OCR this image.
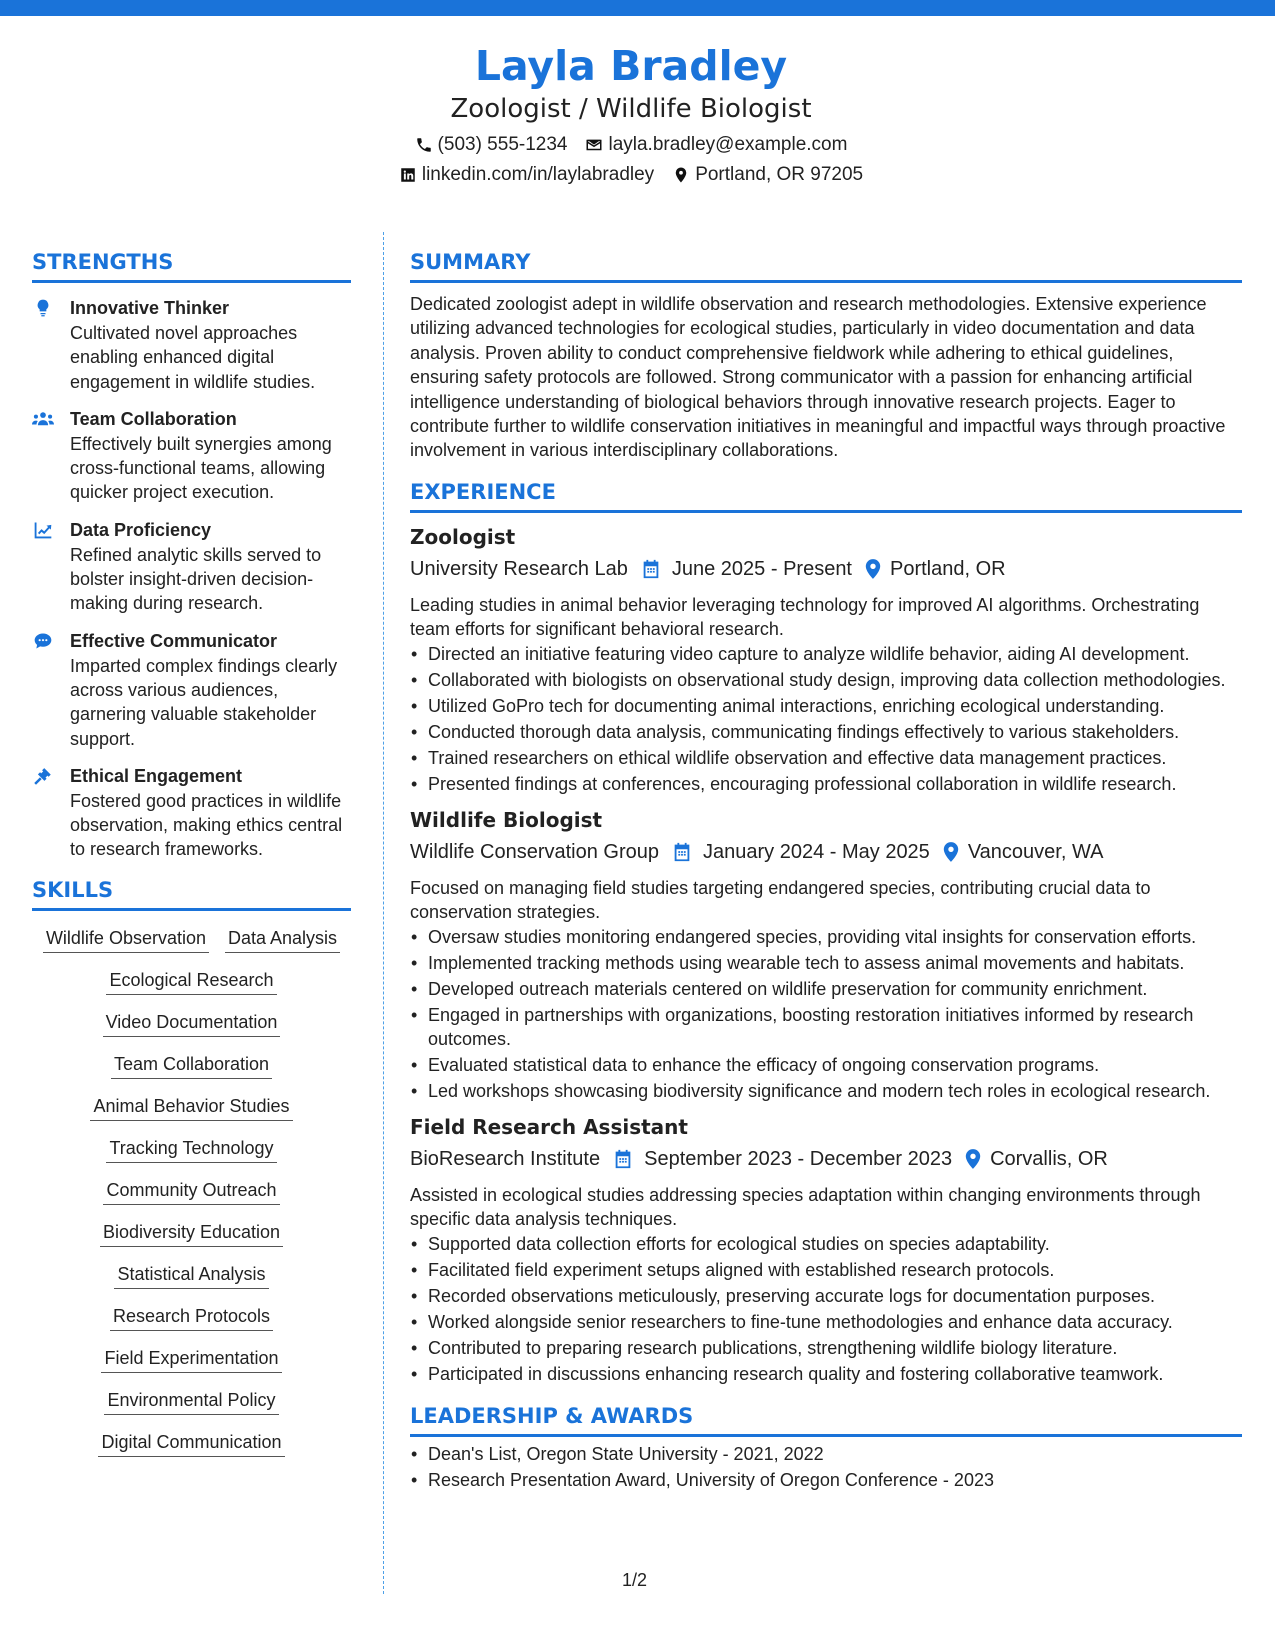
Layla Bradley
Zoologist / Wildlife Biologist
(503) 555-1234 layla.bradley@example.com
linkedin.com/in/laylabradley Portland, OR 97205
STRENGTHS
Innovative Thinker
Cultivated novel approaches enabling enhanced digital engagement in wildlife studies.
Team Collaboration
Effectively built synergies among cross-functional teams, allowing quicker project execution.
Data Proficiency
Refined analytic skills served to bolster insight-driven decision-making during research.
Effective Communicator
Imparted complex findings clearly across various audiences, garnering valuable stakeholder support.
Ethical Engagement
Fostered good practices in wildlife observation, making ethics central to research frameworks.
SKILLS
Wildlife Observation Data Analysis
Ecological Research
Video Documentation
Team Collaboration
Animal Behavior Studies
Tracking Technology
Community Outreach
Biodiversity Education
Statistical Analysis
Research Protocols
Field Experimentation
Environmental Policy
Digital Communication
SUMMARY
Dedicated zoologist adept in wildlife observation and research methodologies. Extensive experience utilizing advanced technologies for ecological studies, particularly in video documentation and data analysis. Proven ability to conduct comprehensive fieldwork while adhering to ethical guidelines, ensuring safety protocols are followed. Strong communicator with a passion for enhancing artificial intelligence understanding of biological behaviors through innovative research projects. Eager to contribute further to wildlife conservation initiatives in meaningful and impactful ways through proactive involvement in various interdisciplinary collaborations.
EXPERIENCE
Zoologist
University Research Lab June 2025 - Present Portland, OR
Leading studies in animal behavior leveraging technology for improved AI algorithms. Orchestrating team efforts for significant behavioral research.
• Directed an initiative featuring video capture to analyze wildlife behavior, aiding AI development.
• Collaborated with biologists on observational study design, improving data collection methodologies.
• Utilized GoPro tech for documenting animal interactions, enriching ecological understanding.
• Conducted thorough data analysis, communicating findings effectively to various stakeholders.
• Trained researchers on ethical wildlife observation and effective data management practices.
• Presented findings at conferences, encouraging professional collaboration in wildlife research.
Wildlife Biologist
Wildlife Conservation Group January 2024 - May 2025 Vancouver, WA
Focused on managing field studies targeting endangered species, contributing crucial data to conservation strategies.
• Oversaw studies monitoring endangered species, providing vital insights for conservation efforts.
• Implemented tracking methods using wearable tech to assess animal movements and habitats.
• Developed outreach materials centered on wildlife preservation for community enrichment.
• Engaged in partnerships with organizations, boosting restoration initiatives informed by research outcomes.
• Evaluated statistical data to enhance the efficacy of ongoing conservation programs.
• Led workshops showcasing biodiversity significance and modern tech roles in ecological research.
Field Research Assistant
BioResearch Institute September 2023 - December 2023 Corvallis, OR
Assisted in ecological studies addressing species adaptation within changing environments through specific data analysis techniques.
• Supported data collection efforts for ecological studies on species adaptability.
• Facilitated field experiment setups aligned with established research protocols.
• Recorded observations meticulously, preserving accurate logs for documentation purposes.
• Worked alongside senior researchers to fine-tune methodologies and enhance data accuracy.
• Contributed to preparing research publications, strengthening wildlife biology literature.
• Participated in discussions enhancing research quality and fostering collaborative teamwork.
LEADERSHIP & AWARDS
• Dean's List, Oregon State University - 2021, 2022
• Research Presentation Award, University of Oregon Conference - 2023
1/2
